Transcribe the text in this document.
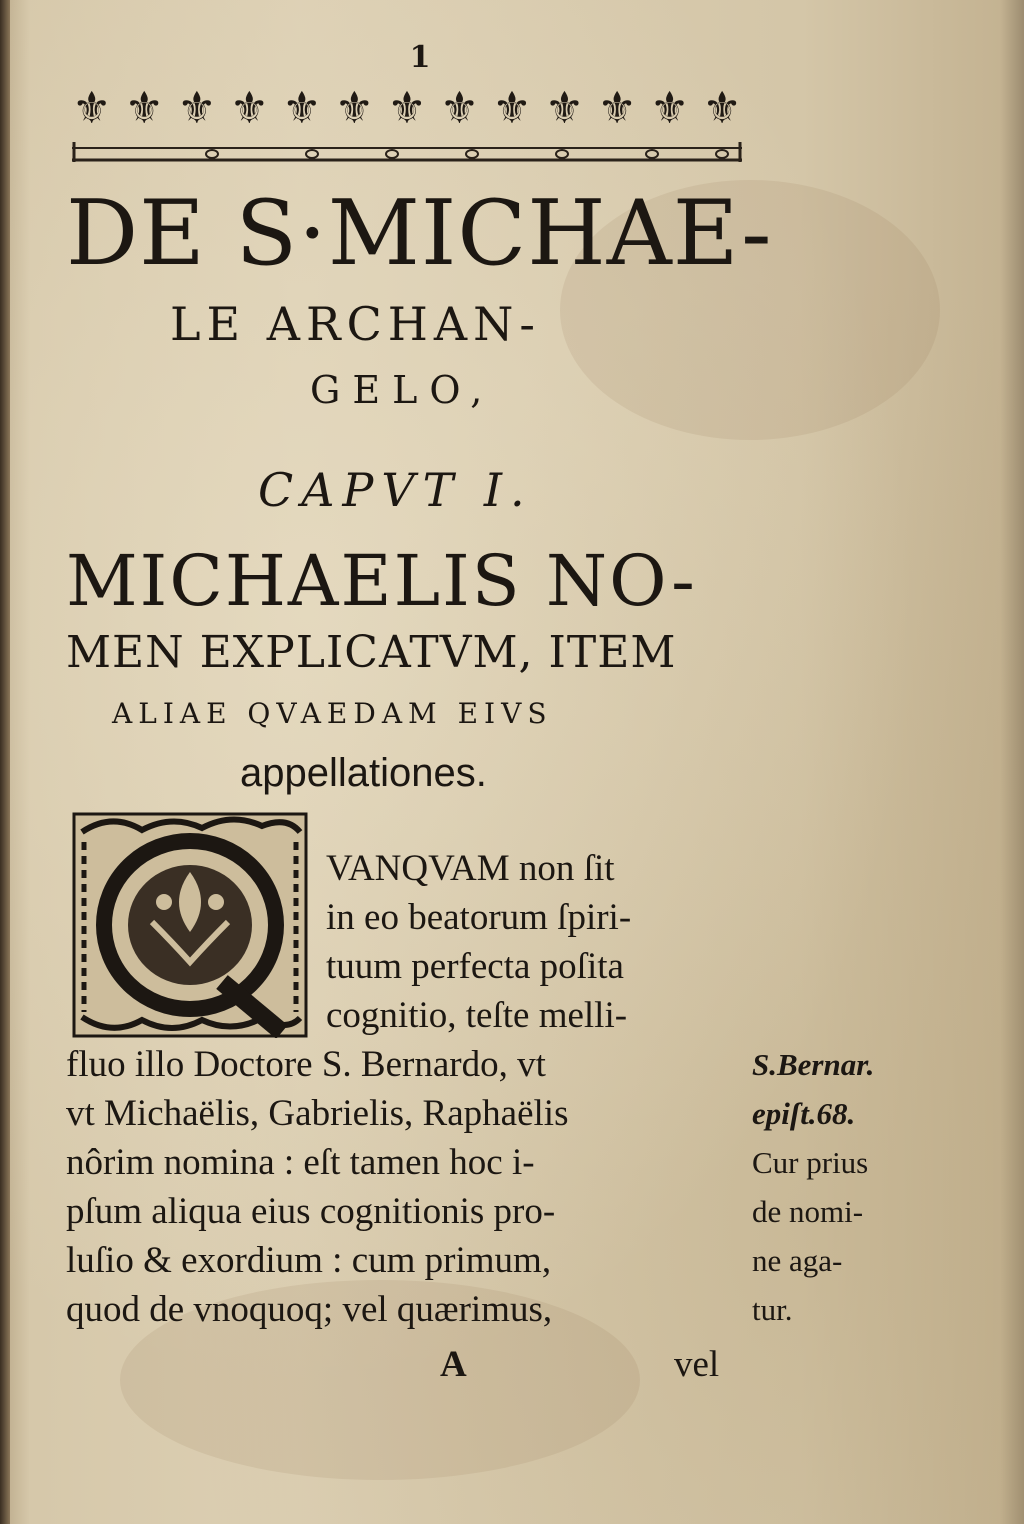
1
⚜ ⚜ ⚜ ⚜ ⚜ ⚜ ⚜ ⚜ ⚜ ⚜ ⚜ ⚜ ⚜
DE S·MICHAE-
LE ARCHAN-
GELO,
CAPVT I.
MICHAELIS NO-
MEN EXPLICATVM, ITEM
ALIAE QVAEDAM EIVS
appellationes.
Q
VANQVAM non ſit
in eo beatorum ſpiri-
tuum perfecta poſita
cognitio, teſte melli-
fluo illo Doctore S. Bernardo, vt
vt Michaëlis, Gabrielis, Raphaëlis
nôrim nomina : eſt tamen hoc i-
pſum aliqua eius cognitionis pro-
luſio & exordium : cum primum,
quod de vnoquoq; vel quærimus,
S.Bernar.
epiſt.68.
Cur prius
de nomi-
ne aga-
tur.
A	vel
